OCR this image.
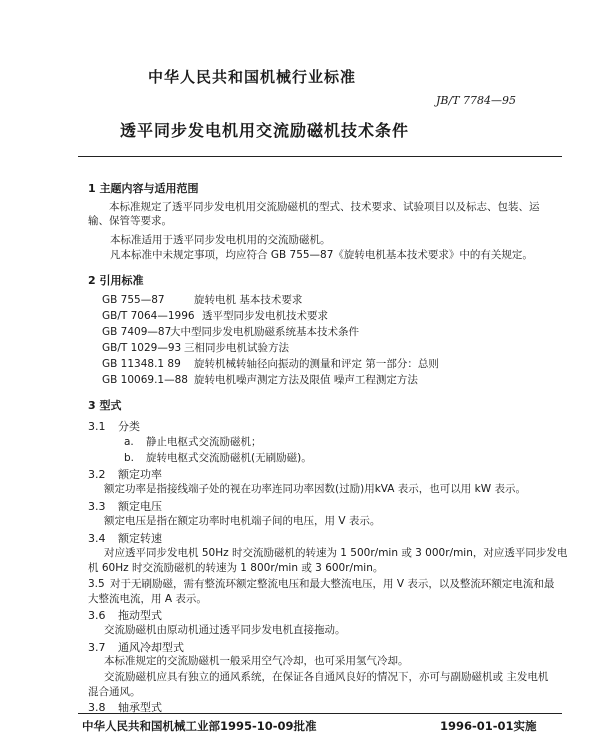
中华人民共和国机械行业标准
JB/T 7784—95
透平同步发电机用交流励磁机技术条件
1 主题内容与适用范围
本标准规定了透平同步发电机用交流励磁机的型式、技术要求、试验项目以及标志、包装、运输、保管等要求。
本标准适用于透平同步发电机用的交流励磁机。
凡本标准中未规定事项，均应符合 GB 755—87《旋转电机基本技术要求》中的有关规定。
2 引用标准
GB 755—87	旋转电机 基本技术要求
GB/T 7064—1996 透平型同步发电机技术要求
GB 7409—87大中型同步发电机励磁系统基本技术条件
GB/T 1029—93 三相同步电机试验方法
GB 11348.1 89 旋转机械转轴径向振动的测量和评定 第一部分：总则
GB 10069.1—88 旋转电机噪声测定方法及限值 噪声工程测定方法
3 型式
3.1 分类
a. 静止电枢式交流励磁机；
b. 旋转电枢式交流励磁机(无刷励磁)。
3.2 额定功率
额定功率是指接线端子处的视在功率连同功率因数(过励)用kVA 表示，也可以用 kW 表示。
3.3 额定电压
额定电压是指在额定功率时电机端子间的电压，用 V 表示。
3.4 额定转速
对应透平同步发电机 50Hz 时交流励磁机的转速为 1 500r/min 或 3 000r/min，对应透平同步发电
机 60Hz 时交流励磁机的转速为 1 800r/min 或 3 600r/min。
3.5 对于无刷励磁，需有整流环额定整流电压和最大整流电压，用 V 表示，以及整流环额定电流和最
大整流电流，用 A 表示。
3.6 拖动型式
交流励磁机由原动机通过透平同步发电机直接拖动。
3.7 通风冷却型式
本标准规定的交流励磁机一般采用空气冷却，也可采用氢气冷却。
交流励磁机应具有独立的通风系统，在保证各自通风良好的情况下，亦可与副励磁机或 主发电机
混合通风。
3.8 轴承型式
中华人民共和国机械工业部1995-10-09批准	1996-01-01实施
